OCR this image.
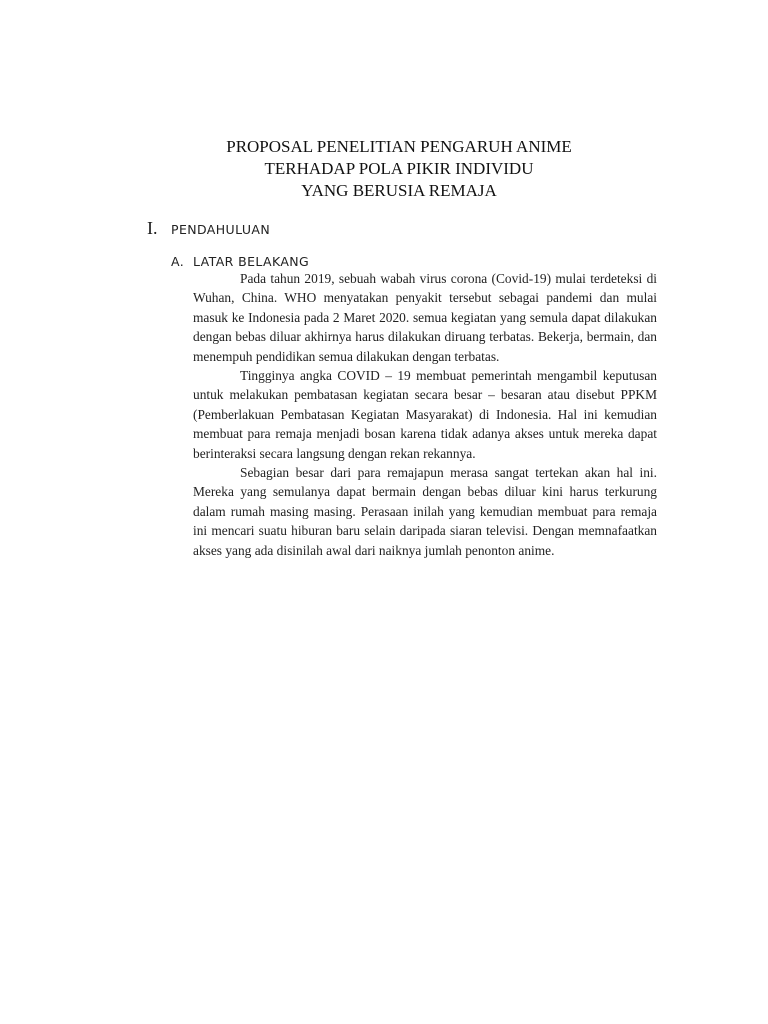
PROPOSAL PENELITIAN PENGARUH ANIME
TERHADAP POLA PIKIR INDIVIDU
YANG BERUSIA REMAJA
I. PENDAHULUAN
A. LATAR BELAKANG

Pada tahun 2019, sebuah wabah virus corona (Covid-19) mulai terdeteksi di Wuhan, China. WHO menyatakan penyakit tersebut sebagai pandemi dan mulai masuk ke Indonesia pada 2 Maret 2020. semua kegiatan yang semula dapat dilakukan dengan bebas diluar akhirnya harus dilakukan diruang terbatas. Bekerja, bermain, dan menempuh pendidikan semua dilakukan dengan terbatas.

Tingginya angka COVID – 19 membuat pemerintah mengambil keputusan untuk melakukan pembatasan kegiatan secara besar – besaran atau disebut PPKM (Pemberlakuan Pembatasan Kegiatan Masyarakat) di Indonesia. Hal ini kemudian membuat para remaja menjadi bosan karena tidak adanya akses untuk mereka dapat berinteraksi secara langsung dengan rekan rekannya.

Sebagian besar dari para remajapun merasa sangat tertekan akan hal ini. Mereka yang semulanya dapat bermain dengan bebas diluar kini harus terkurung dalam rumah masing masing. Perasaan inilah yang kemudian membuat para remaja ini mencari suatu hiburan baru selain daripada siaran televisi. Dengan memnafaatkan akses yang ada disinilah awal dari naiknya jumlah penonton anime.
